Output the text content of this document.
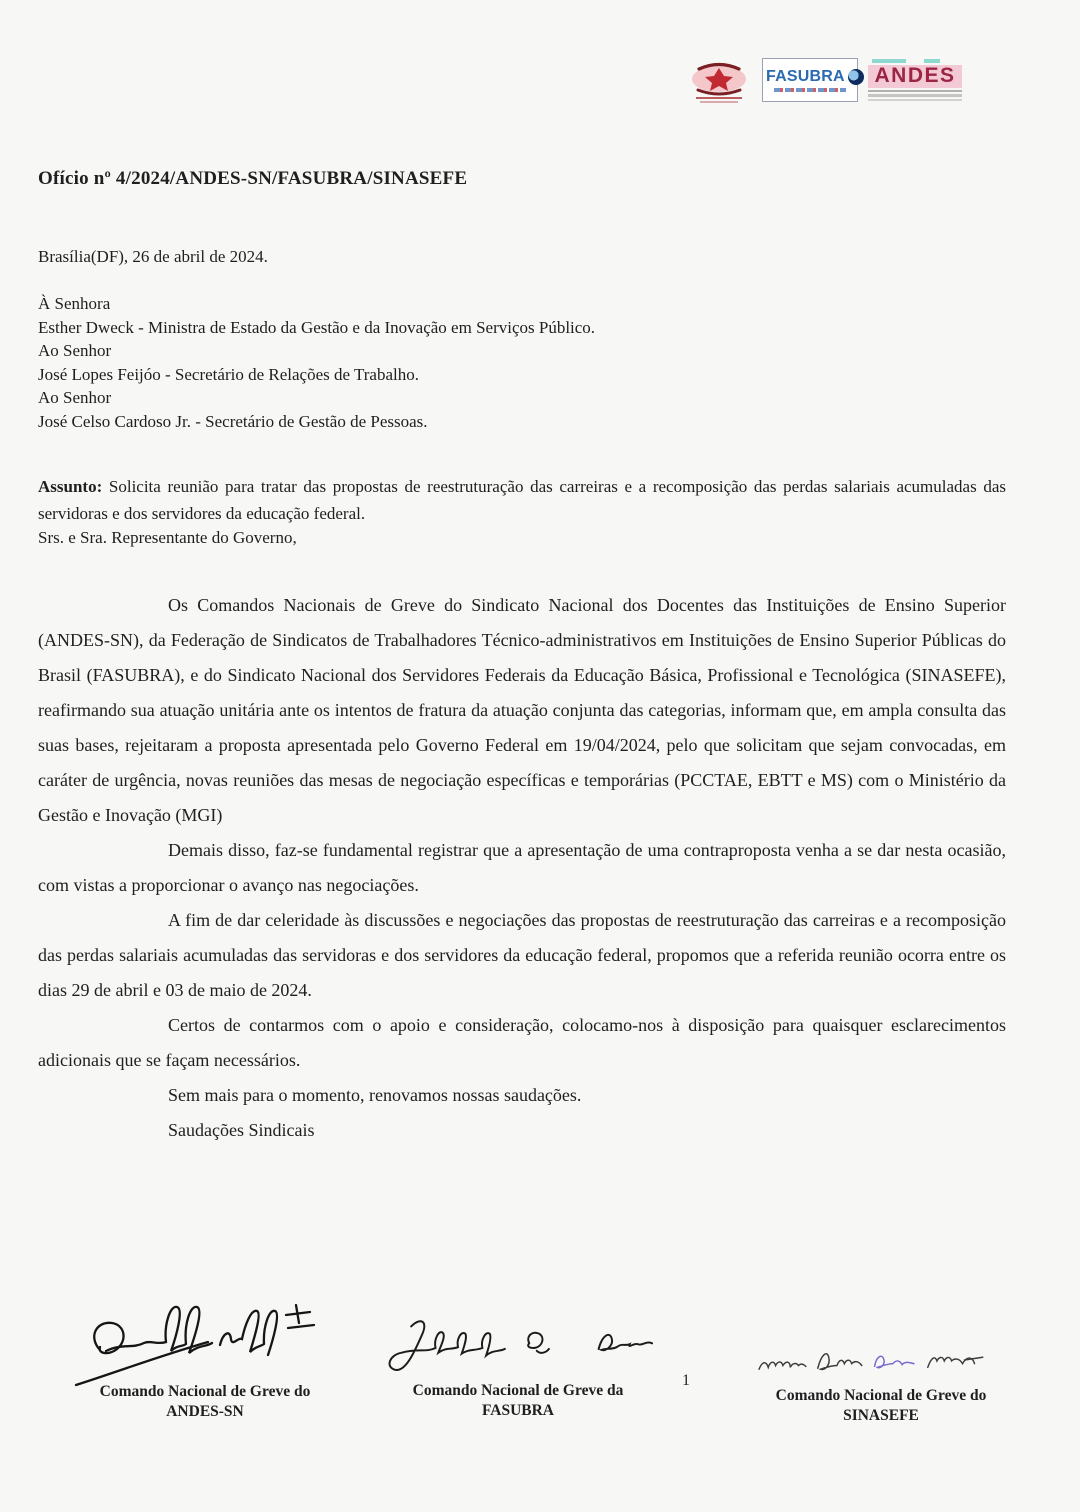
FASUBRA	ANDES
Ofício nº 4/2024/ANDES-SN/FASUBRA/SINASEFE
Brasília(DF), 26 de abril de 2024.
À Senhora
Esther Dweck - Ministra de Estado da Gestão e da Inovação em Serviços Público.
Ao Senhor
José Lopes Feijóo - Secretário de Relações de Trabalho.
Ao Senhor
José Celso Cardoso Jr. - Secretário de Gestão de Pessoas.

Assunto: Solicita reunião para tratar das propostas de reestruturação das carreiras e a recomposição das perdas salariais acumuladas das servidoras e dos servidores da educação federal.

Srs. e Sra. Representante do Governo,
Os Comandos Nacionais de Greve do Sindicato Nacional dos Docentes das Instituições de Ensino Superior (ANDES-SN), da Federação de Sindicatos de Trabalhadores Técnico-administrativos em Instituições de Ensino Superior Públicas do Brasil (FASUBRA), e do Sindicato Nacional dos Servidores Federais da Educação Básica, Profissional e Tecnológica (SINASEFE), reafirmando sua atuação unitária ante os intentos de fratura da atuação conjunta das categorias, informam que, em ampla consulta das suas bases, rejeitaram a proposta apresentada pelo Governo Federal em 19/04/2024, pelo que solicitam que sejam convocadas, em caráter de urgência, novas reuniões das mesas de negociação específicas e temporárias (PCCTAE, EBTT e MS) com o Ministério da Gestão e Inovação (MGI)
Demais disso, faz-se fundamental registrar que a apresentação de uma contraproposta venha a se dar nesta ocasião, com vistas a proporcionar o avanço nas negociações.
A fim de dar celeridade às discussões e negociações das propostas de reestruturação das carreiras e a recomposição das perdas salariais acumuladas das servidoras e dos servidores da educação federal, propomos que a referida reunião ocorra entre os dias 29 de abril e 03 de maio de 2024.
Certos de contarmos com o apoio e consideração, colocamo-nos à disposição para quaisquer esclarecimentos adicionais que se façam necessários.
Sem mais para o momento, renovamos nossas saudações.
Saudações Sindicais
Comando Nacional de Greve do
ANDES-SN
Comando Nacional de Greve da
FASUBRA
Comando Nacional de Greve do
SINASEFE
1
